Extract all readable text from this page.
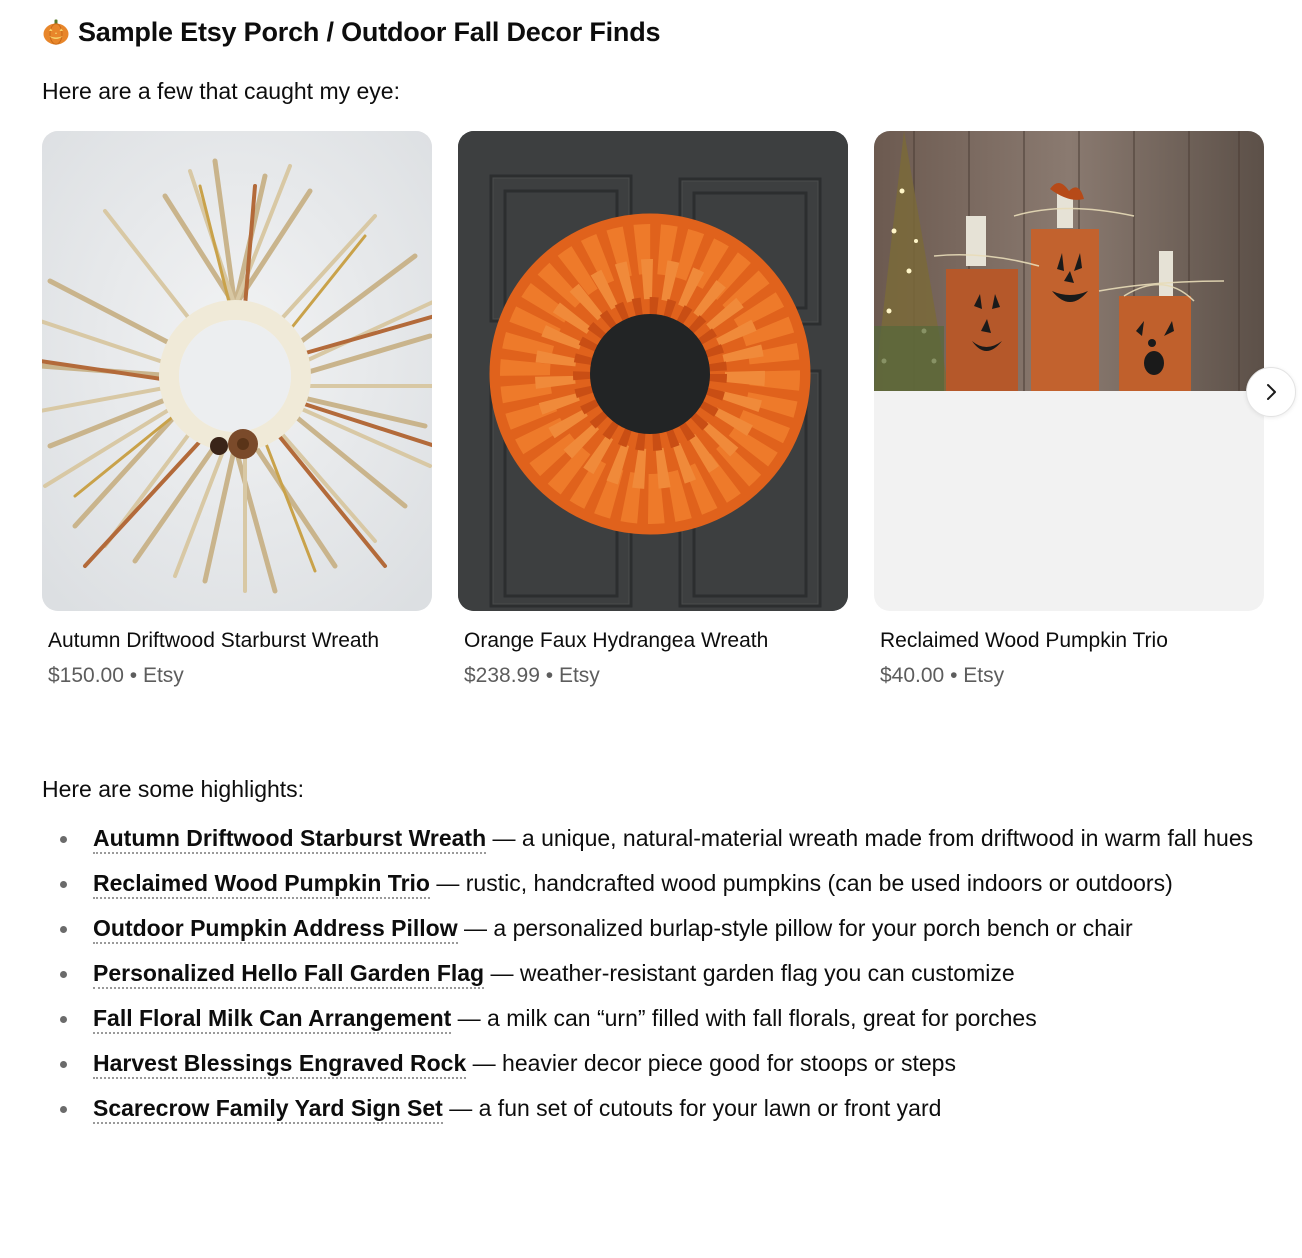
Sample Etsy Porch / Outdoor Fall Decor Finds

Here are a few that caught my eye:

Autumn Driftwood Starburst Wreath
$150.00 • Etsy
Orange Faux Hydrangea Wreath
$238.99 • Etsy
Reclaimed Wood Pumpkin Trio
$40.00 • Etsy

Here are some highlights:

Autumn Driftwood Starburst Wreath — a unique, natural-material wreath made from driftwood in warm fall hues
Reclaimed Wood Pumpkin Trio — rustic, handcrafted wood pumpkins (can be used indoors or outdoors)
Outdoor Pumpkin Address Pillow — a personalized burlap-style pillow for your porch bench or chair
Personalized Hello Fall Garden Flag — weather-resistant garden flag you can customize
Fall Floral Milk Can Arrangement — a milk can “urn” filled with fall florals, great for porches
Harvest Blessings Engraved Rock — heavier decor piece good for stoops or steps
Scarecrow Family Yard Sign Set — a fun set of cutouts for your lawn or front yard
